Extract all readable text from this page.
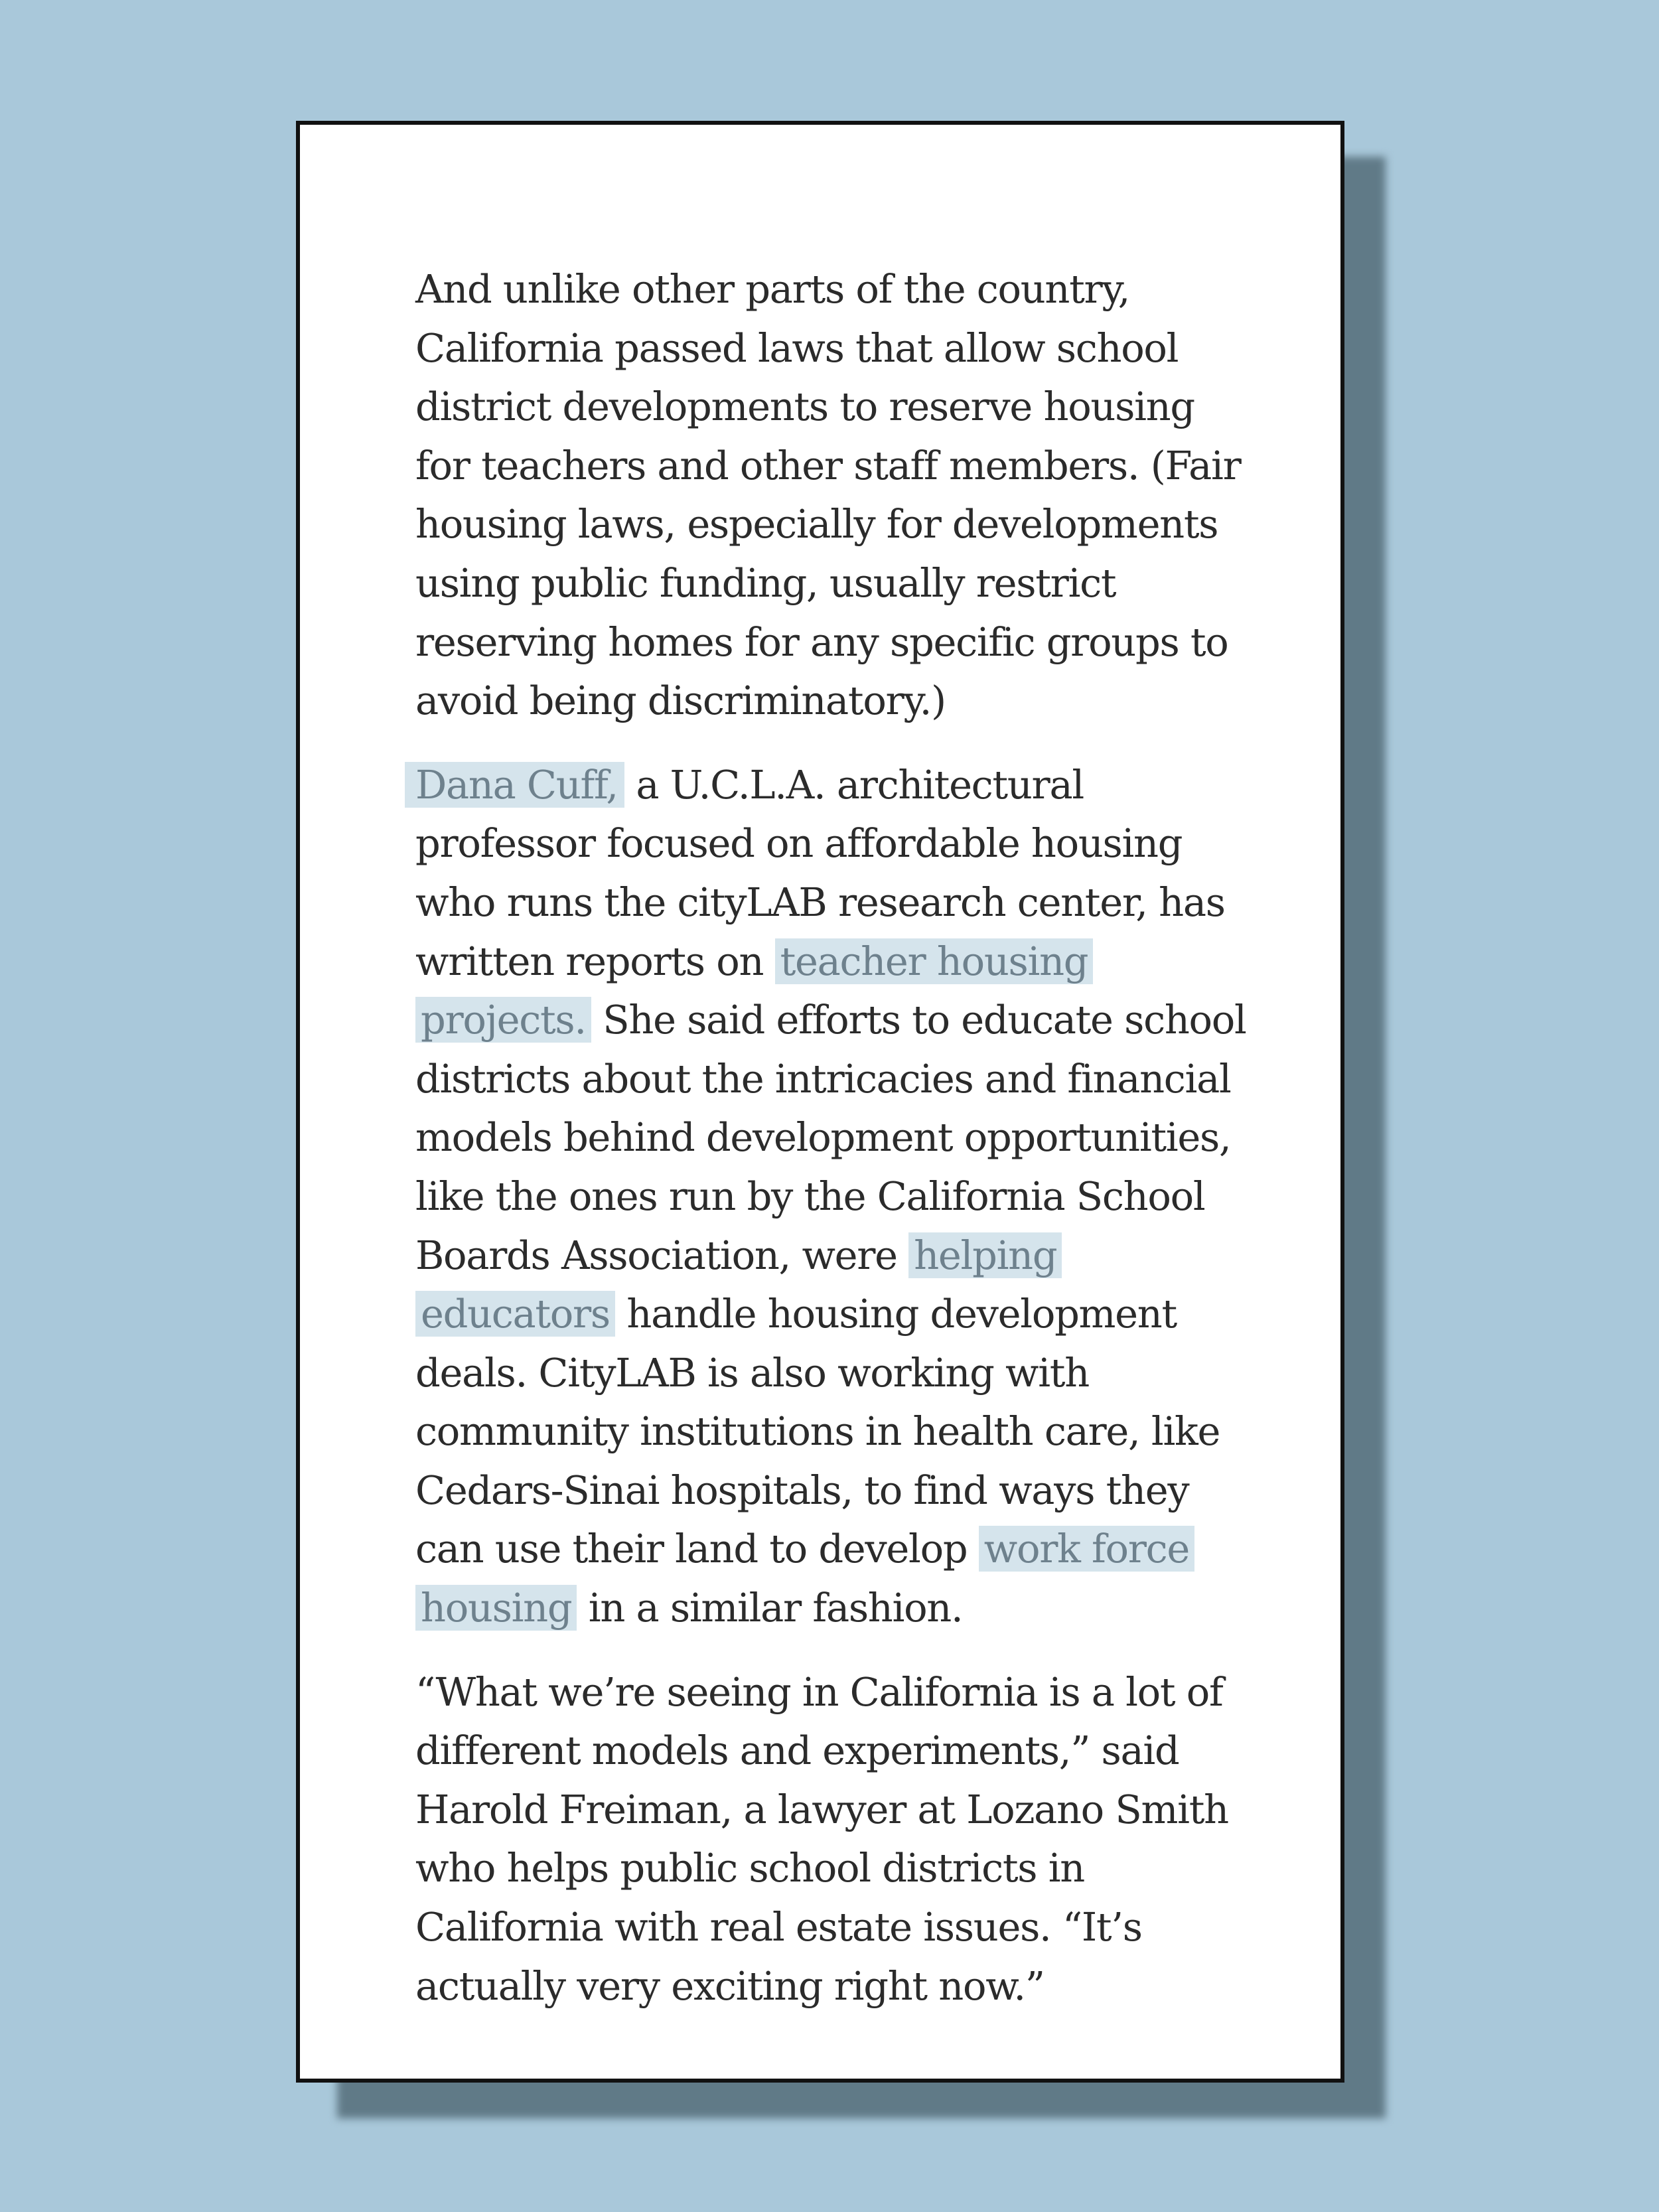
And unlike other parts of the country, California passed laws that allow school district developments to reserve housing for teachers and other staff members. (Fair housing laws, especially for developments using public funding, usually restrict reserving homes for any specific groups to avoid being discriminatory.)

Dana Cuff, a U.C.L.A. architectural professor focused on affordable housing who runs the cityLAB research center, has written reports on teacher housing projects. She said efforts to educate school districts about the intricacies and financial models behind development opportunities, like the ones run by the California School Boards Association, were helping educators handle housing development deals. CityLAB is also working with community institutions in health care, like Cedars-Sinai hospitals, to find ways they can use their land to develop work force housing in a similar fashion.

“What we’re seeing in California is a lot of different models and experiments,” said Harold Freiman, a lawyer at Lozano Smith who helps public school districts in California with real estate issues. “It’s actually very exciting right now.”
